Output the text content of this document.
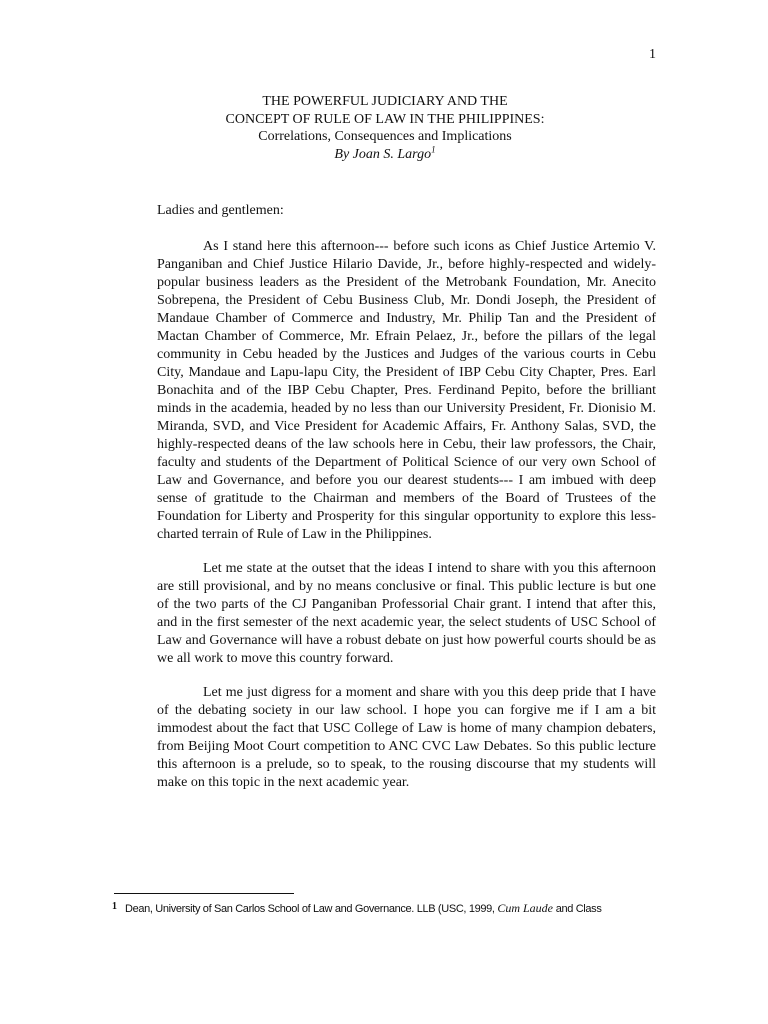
1
THE POWERFUL JUDICIARY AND THE
CONCEPT OF RULE OF LAW IN THE PHILIPPINES:
Correlations, Consequences and Implications
By Joan S. Largo$^1$

Ladies and gentlemen:

As I stand here this afternoon--- before such icons as Chief Justice Artemio V. Panganiban and Chief Justice Hilario Davide, Jr., before highly-respected and widely-popular business leaders as the President of the Metrobank Foundation, Mr. Anecito Sobrepena, the President of Cebu Business Club, Mr. Dondi Joseph, the President of Mandaue Chamber of Commerce and Industry, Mr. Philip Tan and the President of Mactan Chamber of Commerce, Mr. Efrain Pelaez, Jr., before the pillars of the legal community in Cebu headed by the Justices and Judges of the various courts in Cebu City, Mandaue and Lapu-lapu City, the President of IBP Cebu City Chapter, Pres. Earl Bonachita and of the IBP Cebu Chapter, Pres. Ferdinand Pepito, before the brilliant minds in the academia, headed by no less than our University President, Fr. Dionisio M. Miranda, SVD, and Vice President for Academic Affairs, Fr. Anthony Salas, SVD, the highly-respected deans of the law schools here in Cebu, their law professors, the Chair, faculty and students of the Department of Political Science of our very own School of Law and Governance, and before you our dearest students--- I am imbued with deep sense of gratitude to the Chairman and members of the Board of Trustees of the Foundation for Liberty and Prosperity for this singular opportunity to explore this less- charted terrain of Rule of Law in the Philippines.

Let me state at the outset that the ideas I intend to share with you this afternoon are still provisional, and by no means conclusive or final. This public lecture is but one of the two parts of the CJ Panganiban Professorial Chair grant. I intend that after this, and in the first semester of the next academic year, the select students of USC School of Law and Governance will have a robust debate on just how powerful courts should be as we all work to move this country forward.

Let me just digress for a moment and share with you this deep pride that I have of the debating society in our law school. I hope you can forgive me if I am a bit immodest about the fact that USC College of Law is home of many champion debaters, from Beijing Moot Court competition to ANC CVC Law Debates. So this public lecture this afternoon is a prelude, so to speak, to the rousing discourse that my students will make on this topic in the next academic year.

1 Dean, University of San Carlos School of Law and Governance. LLB (USC, 1999, Cum Laude and Class
